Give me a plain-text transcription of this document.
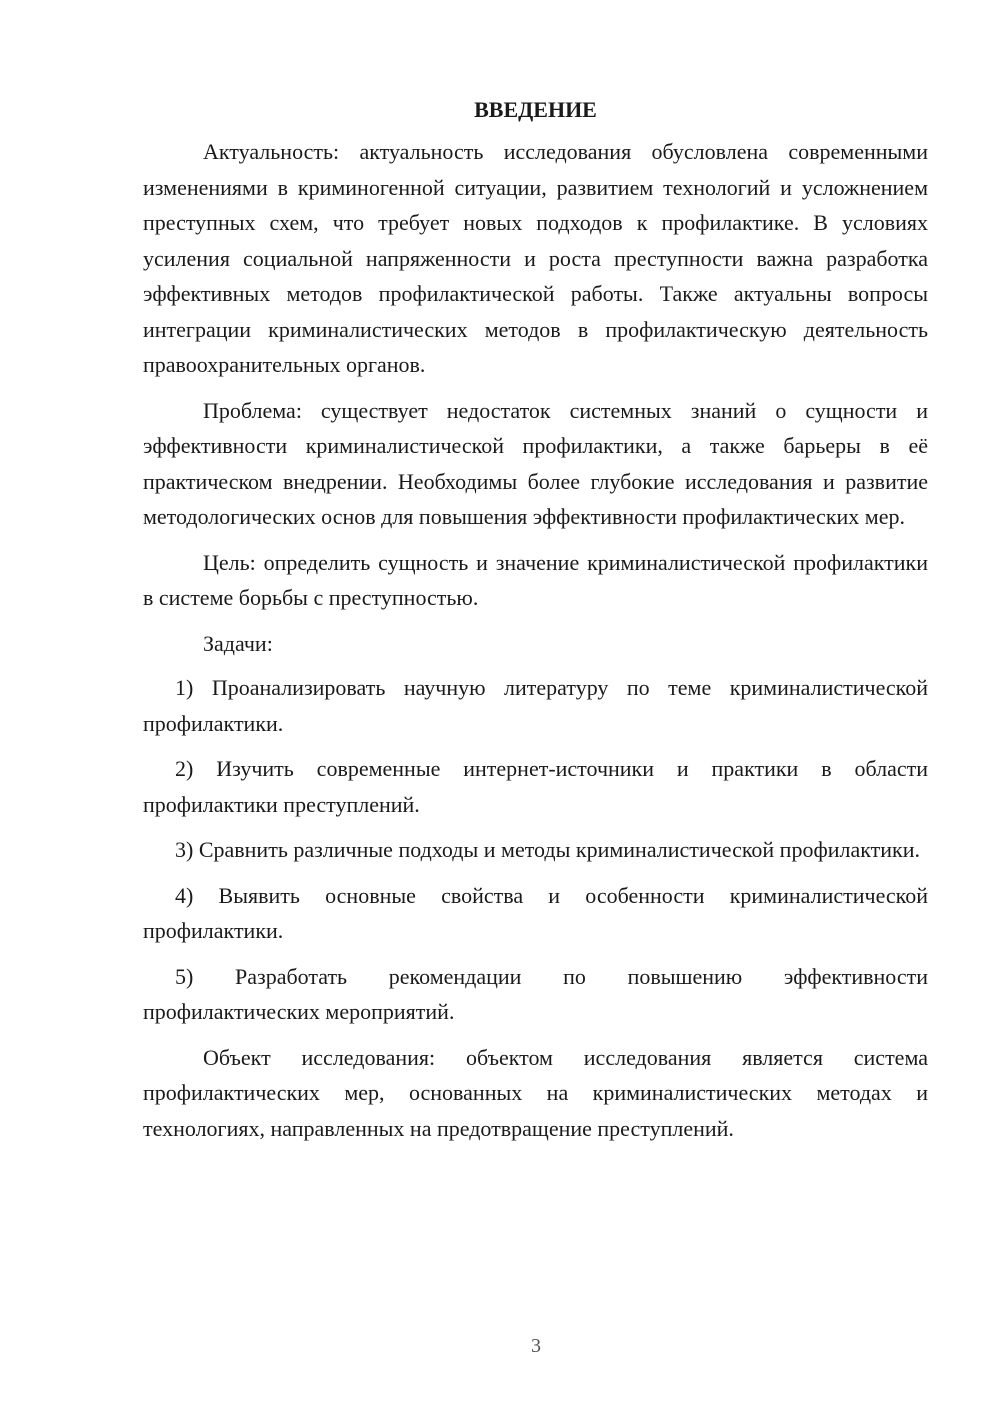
ВВЕДЕНИЕ

Актуальность: актуальность исследования обусловлена современными изменениями в криминогенной ситуации, развитием технологий и усложнением преступных схем, что требует новых подходов к профилактике. В условиях усиления социальной напряженности и роста преступности важна разработка эффективных методов профилактической работы. Также актуальны вопросы интеграции криминалистических методов в профилактическую деятельность правоохранительных органов.

Проблема: существует недостаток системных знаний о сущности и эффективности криминалистической профилактики, а также барьеры в её практическом внедрении. Необходимы более глубокие исследования и развитие методологических основ для повышения эффективности профилактических мер.

Цель: определить сущность и значение криминалистической профилактики в системе борьбы с преступностью.

Задачи:

1) Проанализировать научную литературу по теме криминалистической профилактики.

2) Изучить современные интернет-источники и практики в области профилактики преступлений.

3) Сравнить различные подходы и методы криминалистической профилактики.

4) Выявить основные свойства и особенности криминалистической профилактики.

5) Разработать рекомендации по повышению эффективности профилактических мероприятий.

Объект исследования: объектом исследования является система профилактических мер, основанных на криминалистических методах и технологиях, направленных на предотвращение преступлений.

3
